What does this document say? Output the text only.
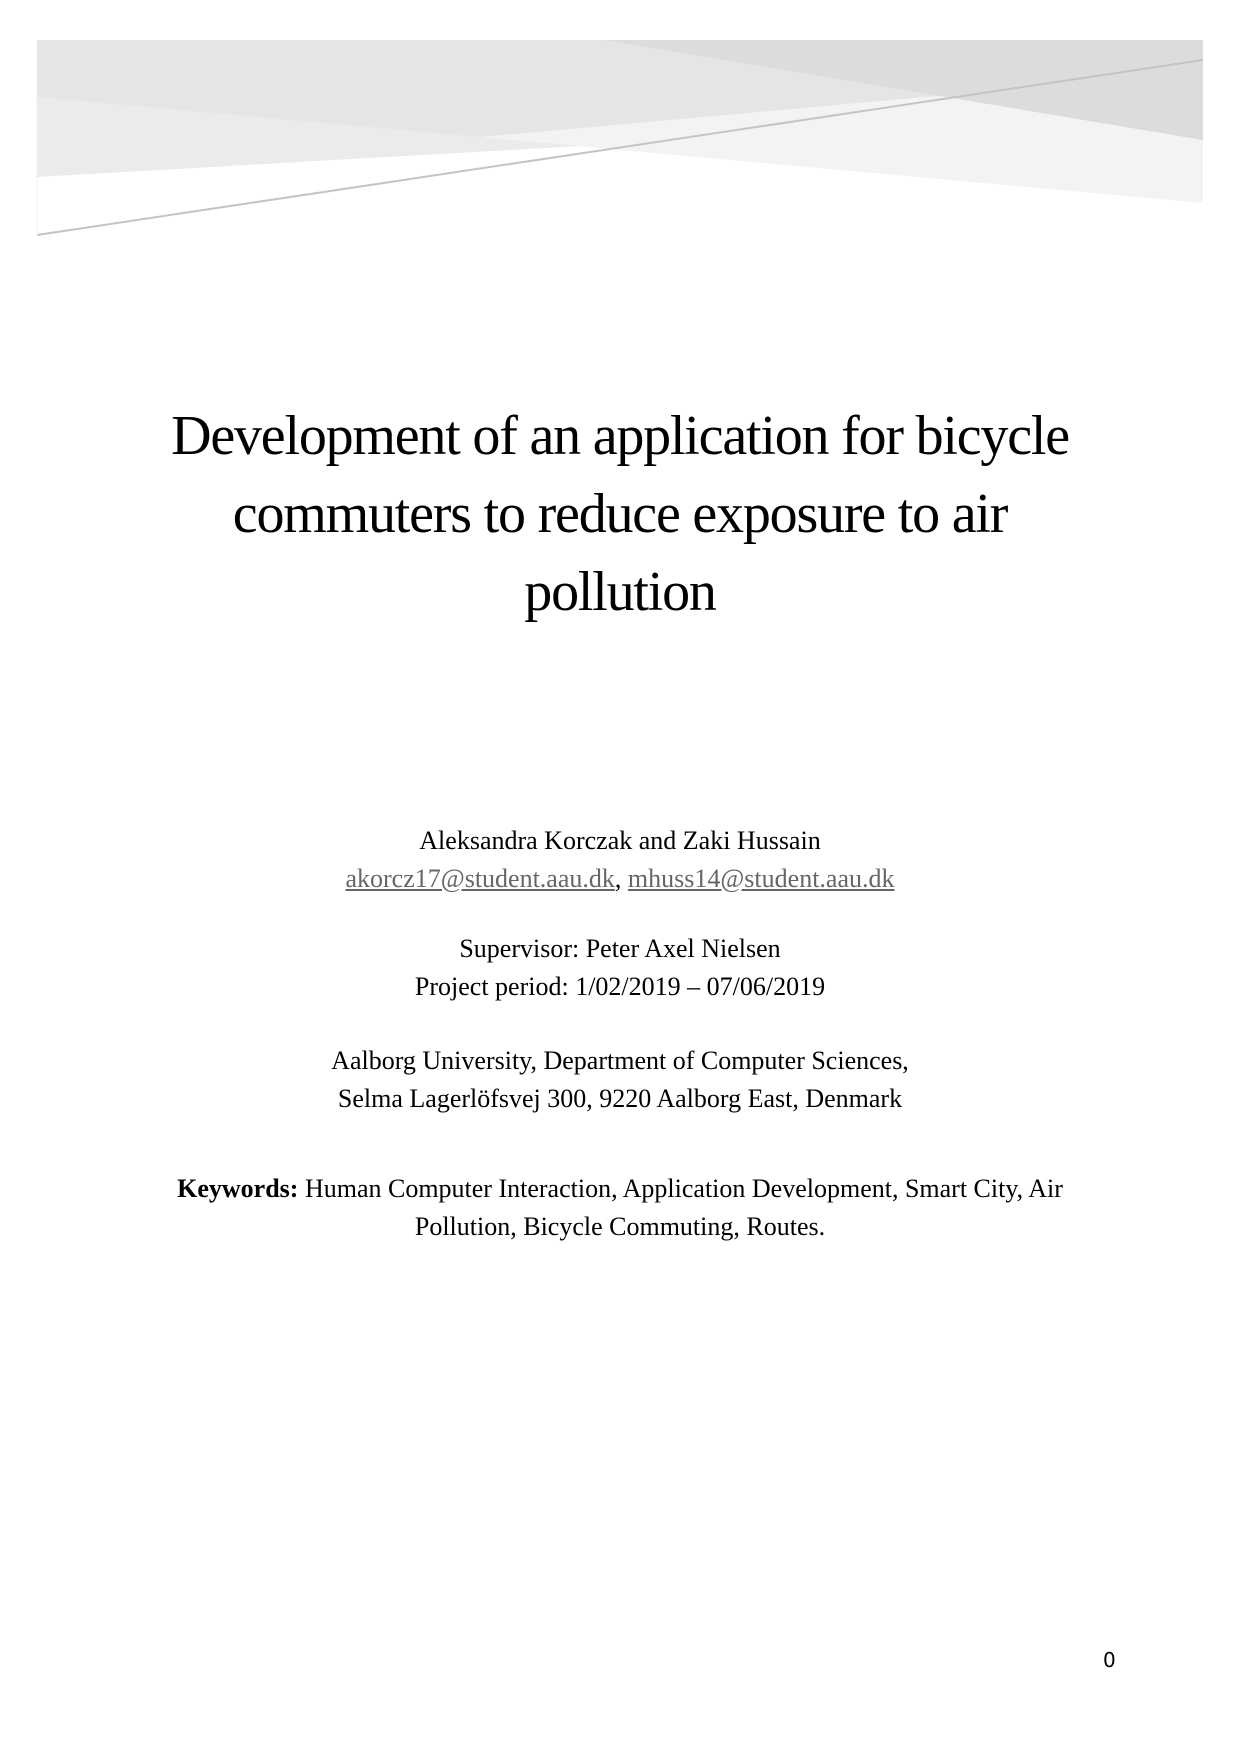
Development of an application for bicycle
commuters to reduce exposure to air
pollution
Aleksandra Korczak and Zaki Hussain
akorcz17@student.aau.dk, mhuss14@student.aau.dk
Supervisor: Peter Axel Nielsen
Project period: 1/02/2019 – 07/06/2019
Aalborg University, Department of Computer Sciences,
Selma Lagerlöfsvej 300, 9220 Aalborg East, Denmark
Keywords: Human Computer Interaction, Application Development, Smart City, Air
Pollution, Bicycle Commuting, Routes.
0
